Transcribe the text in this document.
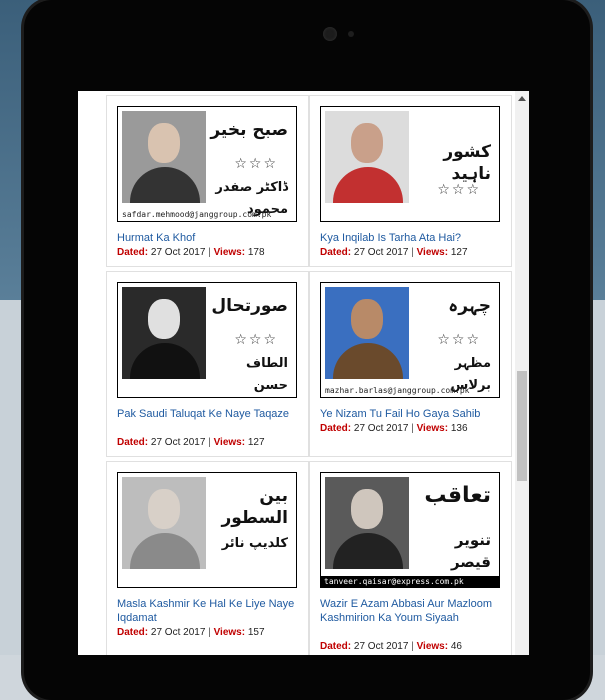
صبح بخیر
☆☆☆
ڈاکٹر صفدر محمود
safdar.mehmood@janggroup.com.pk
Hurmat Ka Khof
Dated: 27 Oct 2017 | Views: 178
کشور ناہید
☆☆☆
Kya Inqilab Is Tarha Ata Hai?
Dated: 27 Oct 2017 | Views: 127
صورتحال
☆☆☆
الطاف حسن
Pak Saudi Taluqat Ke Naye Taqaze
Dated: 27 Oct 2017 | Views: 127
چہرہ
☆☆☆
مظہر برلاس
mazhar.barlas@janggroup.com.pk
Ye Nizam Tu Fail Ho Gaya Sahib
Dated: 27 Oct 2017 | Views: 136
بین السطور
کلدیپ نائر
Masla Kashmir Ke Hal Ke Liye Naye Iqdamat
Dated: 27 Oct 2017 | Views: 157
تعاقب
تنویر قیصر
tanveer.qaisar@express.com.pk
Wazir E Azam Abbasi Aur Mazloom Kashmirion Ka Youm Siyaah
Dated: 27 Oct 2017 | Views: 46
